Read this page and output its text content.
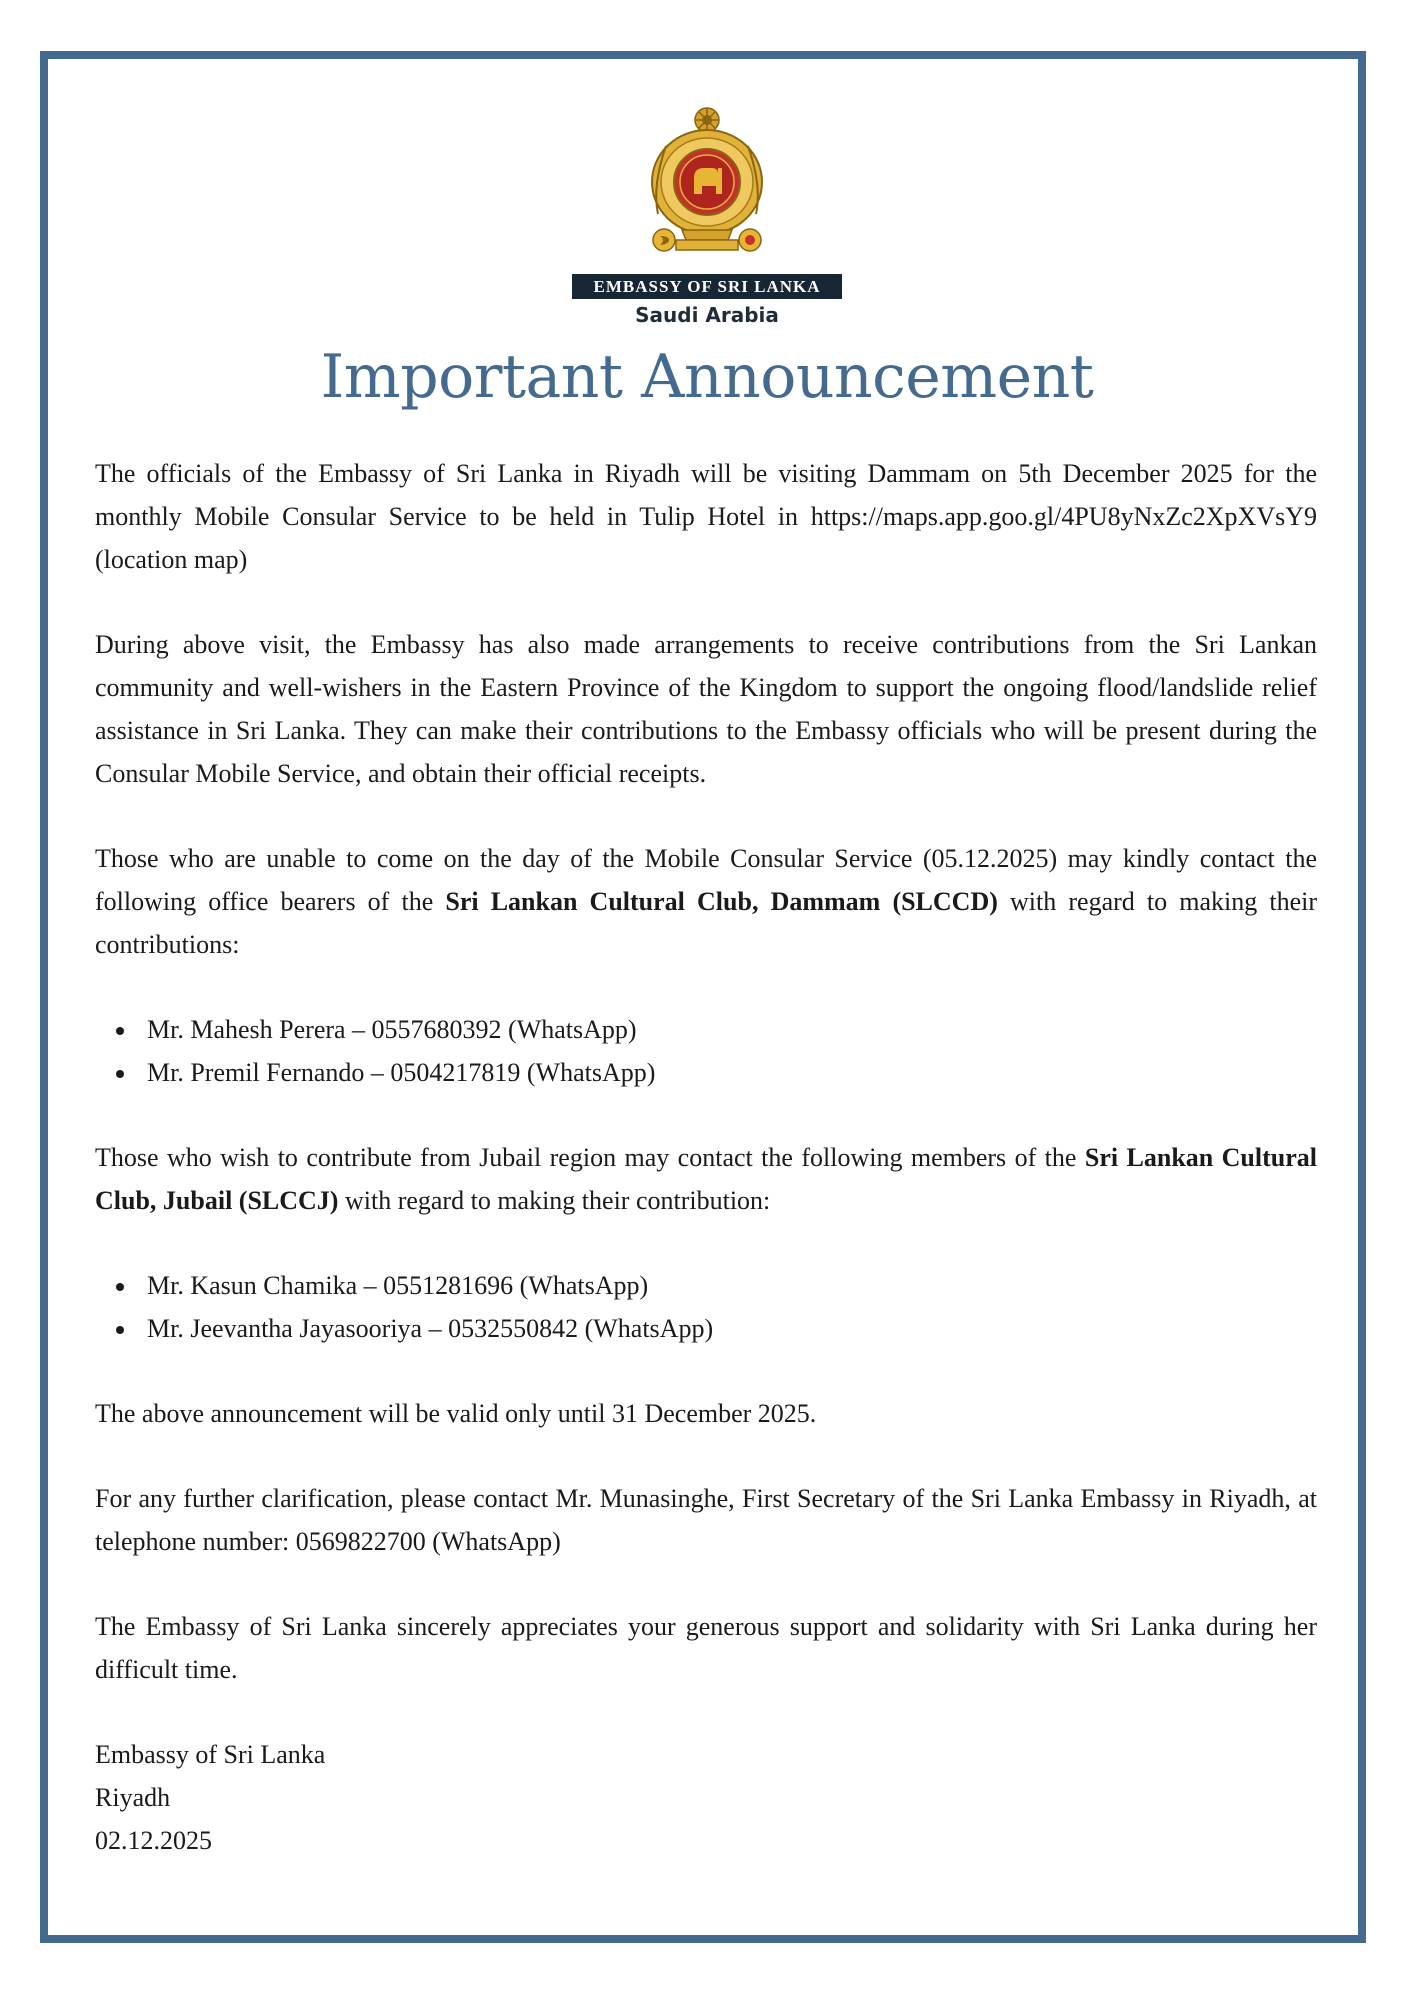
EMBASSY OF SRI LANKA
Saudi Arabia
Important Announcement

The officials of the Embassy of Sri Lanka in Riyadh will be visiting Dammam on 5th December 2025 for the monthly Mobile Consular Service to be held in Tulip Hotel in https://maps.app.goo.gl/4PU8yNxZc2XpXVsY9 (location map)

During above visit, the Embassy has also made arrangements to receive contributions from the Sri Lankan community and well-wishers in the Eastern Province of the Kingdom to support the ongoing flood/landslide relief assistance in Sri Lanka. They can make their contributions to the Embassy officials who will be present during the Consular Mobile Service, and obtain their official receipts.

Those who are unable to come on the day of the Mobile Consular Service (05.12.2025) may kindly contact the following office bearers of the Sri Lankan Cultural Club, Dammam (SLCCD) with regard to making their contributions:

Mr. Mahesh Perera – 0557680392 (WhatsApp)
Mr. Premil Fernando – 0504217819 (WhatsApp)

Those who wish to contribute from Jubail region may contact the following members of the Sri Lankan Cultural Club, Jubail (SLCCJ) with regard to making their contribution:

Mr. Kasun Chamika – 0551281696 (WhatsApp)
Mr. Jeevantha Jayasooriya – 0532550842 (WhatsApp)

The above announcement will be valid only until 31 December 2025.

For any further clarification, please contact Mr. Munasinghe, First Secretary of the Sri Lanka Embassy in Riyadh, at telephone number: 0569822700 (WhatsApp)

The Embassy of Sri Lanka sincerely appreciates your generous support and solidarity with Sri Lanka during her difficult time.

Embassy of Sri Lanka

Riyadh

02.12.2025
